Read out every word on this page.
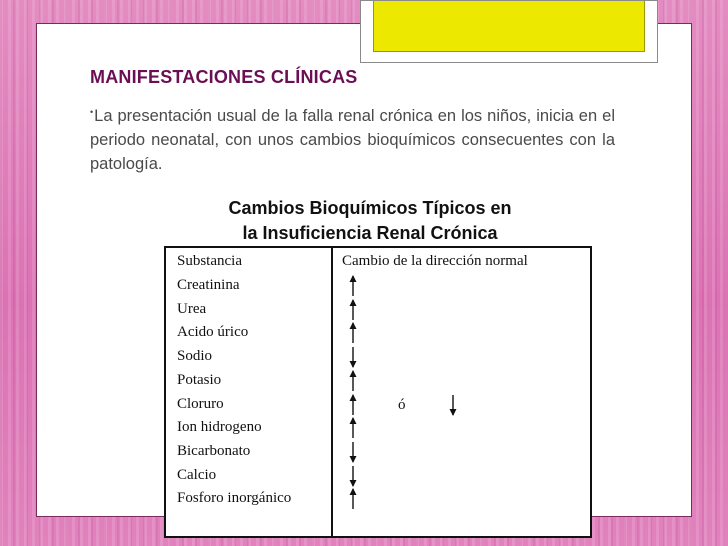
MANIFESTACIONES CLÍNICAS
•La presentación usual de la falla renal crónica en los niños, inicia en el periodo neonatal, con unos cambios bioquímicos consecuentes con la patología.
Cambios Bioquímicos Típicos en
la Insuficiencia Renal Crónica
Substancia	Cambio de la dirección normal
ó
Creatinina
Urea
Acido úrico
Sodio
Potasio
Cloruro
Ion hidrogeno
Bicarbonato
Calcio
Fosforo inorgánico
